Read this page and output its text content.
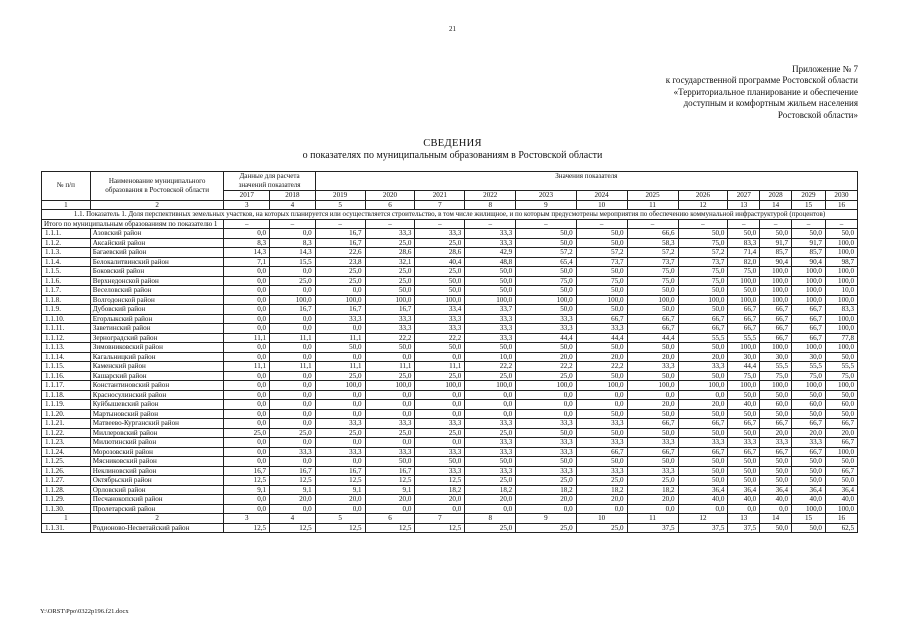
21
Приложение № 7
к государственной программе Ростовской области
«Территориальное планирование и обеспечение
доступным и комфортным жильем населения
Ростовской области»
СВЕДЕНИЯ
о показателях по муниципальным образованиям в Ростовской области
№ п/п	Наименование муниципального образования в Ростовской области	Данные для расчета значений показателя		Значения показателя											
		2017	2018	2019	2020	2021	2022	2023	2024	2025	2026	2027	2028	2029	2030
1	2	3	4	5	6	7	8	9	10	11	12	13	14	15	16
1.1. Показатель 1. Доля перспективных земельных участков, на которых планируется или осуществляется строительство, в том числе жилищное, и по которым предусмотрены мероприятия по обеспечению коммунальной инфраструктурой (процентов)															
Итого по муниципальным образованиям по показателю 1		–	–	–	–	–	–	–	–	–	–	–	–	–	–
1.1.1.	Азовский район	0,0	0,0	16,7	33,3	33,3	33,3	50,0	50,0	66,6	50,0	50,0	50,0	50,0	50,0
1.1.2.	Аксайский район	8,3	8,3	16,7	25,0	25,0	33,3	50,0	50,0	58,3	75,0	83,3	91,7	91,7	100,0
1.1.3.	Багаевский район	14,3	14,3	22,6	28,6	28,6	42,9	57,2	57,2	57,2	57,2	71,4	85,7	85,7	100,0
1.1.4.	Белокалитвинский район	7,1	15,5	23,8	32,1	40,4	48,8	65,4	73,7	73,7	73,7	82,0	90,4	90,4	98,7
1.1.5.	Боковский район	0,0	0,0	25,0	25,0	25,0	50,0	50,0	50,0	75,0	75,0	75,0	100,0	100,0	100,0
1.1.6.	Верхнедонской район	0,0	25,0	25,0	25,0	50,0	50,0	75,0	75,0	75,0	75,0	100,0	100,0	100,0	100,0
1.1.7.	Веселовский район	0,0	0,0	0,0	50,0	50,0	50,0	50,0	50,0	50,0	50,0	50,0	100,0	100,0	10,0
1.1.8.	Волгодонской район	0,0	100,0	100,0	100,0	100,0	100,0	100,0	100,0	100,0	100,0	100,0	100,0	100,0	100,0
1.1.9.	Дубовский район	0,0	16,7	16,7	16,7	33,4	33,7	50,0	50,0	50,0	50,0	66,7	66,7	66,7	83,3
1.1.10.	Егорлыкский район	0,0	0,0	33,3	33,3	33,3	33,3	33,3	66,7	66,7	66,7	66,7	66,7	66,7	100,0
1.1.11.	Заветинский район	0,0	0,0	0,0	33,3	33,3	33,3	33,3	33,3	66,7	66,7	66,7	66,7	66,7	100,0
1.1.12.	Зерноградский район	11,1	11,1	11,1	22,2	22,2	33,3	44,4	44,4	44,4	55,5	55,5	66,7	66,7	77,8
1.1.13.	Зимовниковский район	0,0	0,0	50,0	50,0	50,0	50,0	50,0	50,0	50,0	50,0	100,0	100,0	100,0	100,0
1.1.14.	Кагальницкий район	0,0	0,0	0,0	0,0	0,0	10,0	20,0	20,0	20,0	20,0	30,0	30,0	30,0	50,0
1.1.15.	Каменский район	11,1	11,1	11,1	11,1	11,1	22,2	22,2	22,2	33,3	33,3	44,4	55,5	55,5	55,5
1.1.16.	Кашарский район	0,0	0,0	25,0	25,0	25,0	25,0	25,0	50,0	50,0	50,0	75,0	75,0	75,0	75,0
1.1.17.	Константиновский район	0,0	0,0	100,0	100,0	100,0	100,0	100,0	100,0	100,0	100,0	100,0	100,0	100,0	100,0
1.1.18.	Красносулинский район	0,0	0,0	0,0	0,0	0,0	0,0	0,0	0,0	0,0	0,0	50,0	50,0	50,0	50,0
1.1.19.	Куйбышевский район	0,0	0,0	0,0	0,0	0,0	0,0	0,0	0,0	20,0	20,0	40,0	60,0	60,0	60,0
1.1.20.	Мартыновский район	0,0	0,0	0,0	0,0	0,0	0,0	0,0	50,0	50,0	50,0	50,0	50,0	50,0	50,0
1.1.21.	Матвеево-Курганский район	0,0	0,0	33,3	33,3	33,3	33,3	33,3	33,3	66,7	66,7	66,7	66,7	66,7	66,7
1.1.22.	Миллеровский район	25,0	25,0	25,0	25,0	25,0	25,0	50,0	50,0	50,0	50,0	50,0	20,0	20,0	20,0
1.1.23.	Милютинский район	0,0	0,0	0,0	0,0	0,0	33,3	33,3	33,3	33,3	33,3	33,3	33,3	33,3	66,7
1.1.24.	Морозовский район	0,0	33,3	33,3	33,3	33,3	33,3	33,3	66,7	66,7	66,7	66,7	66,7	66,7	100,0
1.1.25.	Мясниковский район	0,0	0,0	0,0	50,0	50,0	50,0	50,0	50,0	50,0	50,0	50,0	50,0	50,0	50,0
1.1.26.	Неклиновский район	16,7	16,7	16,7	16,7	33,3	33,3	33,3	33,3	33,3	50,0	50,0	50,0	50,0	66,7
1.1.27.	Октябрьский район	12,5	12,5	12,5	12,5	12,5	25,0	25,0	25,0	25,0	50,0	50,0	50,0	50,0	50,0
1.1.28.	Орловский район	9,1	9,1	9,1	9,1	18,2	18,2	18,2	18,2	18,2	36,4	36,4	36,4	36,4	36,4
1.1.29.	Песчанокопский район	0,0	20,0	20,0	20,0	20,0	20,0	20,0	20,0	20,0	40,0	40,0	40,0	40,0	40,0
1.1.30.	Пролетарский район	0,0	0,0	0,0	0,0	0,0	0,0	0,0	0,0	0,0	0,0	0,0	0,0	100,0	100,0
1	2	3	4	5	6	7	8	9	10	11	12	13	14	15	16
1.1.31.	Родионово-Несветайский район	12,5	12,5	12,5	12,5	12,5	25,0	25,0	25,0	37,5	37,5	37,5	50,0	50,0	62,5
Y:\ORST\Ppo\0322p196.f21.docx
